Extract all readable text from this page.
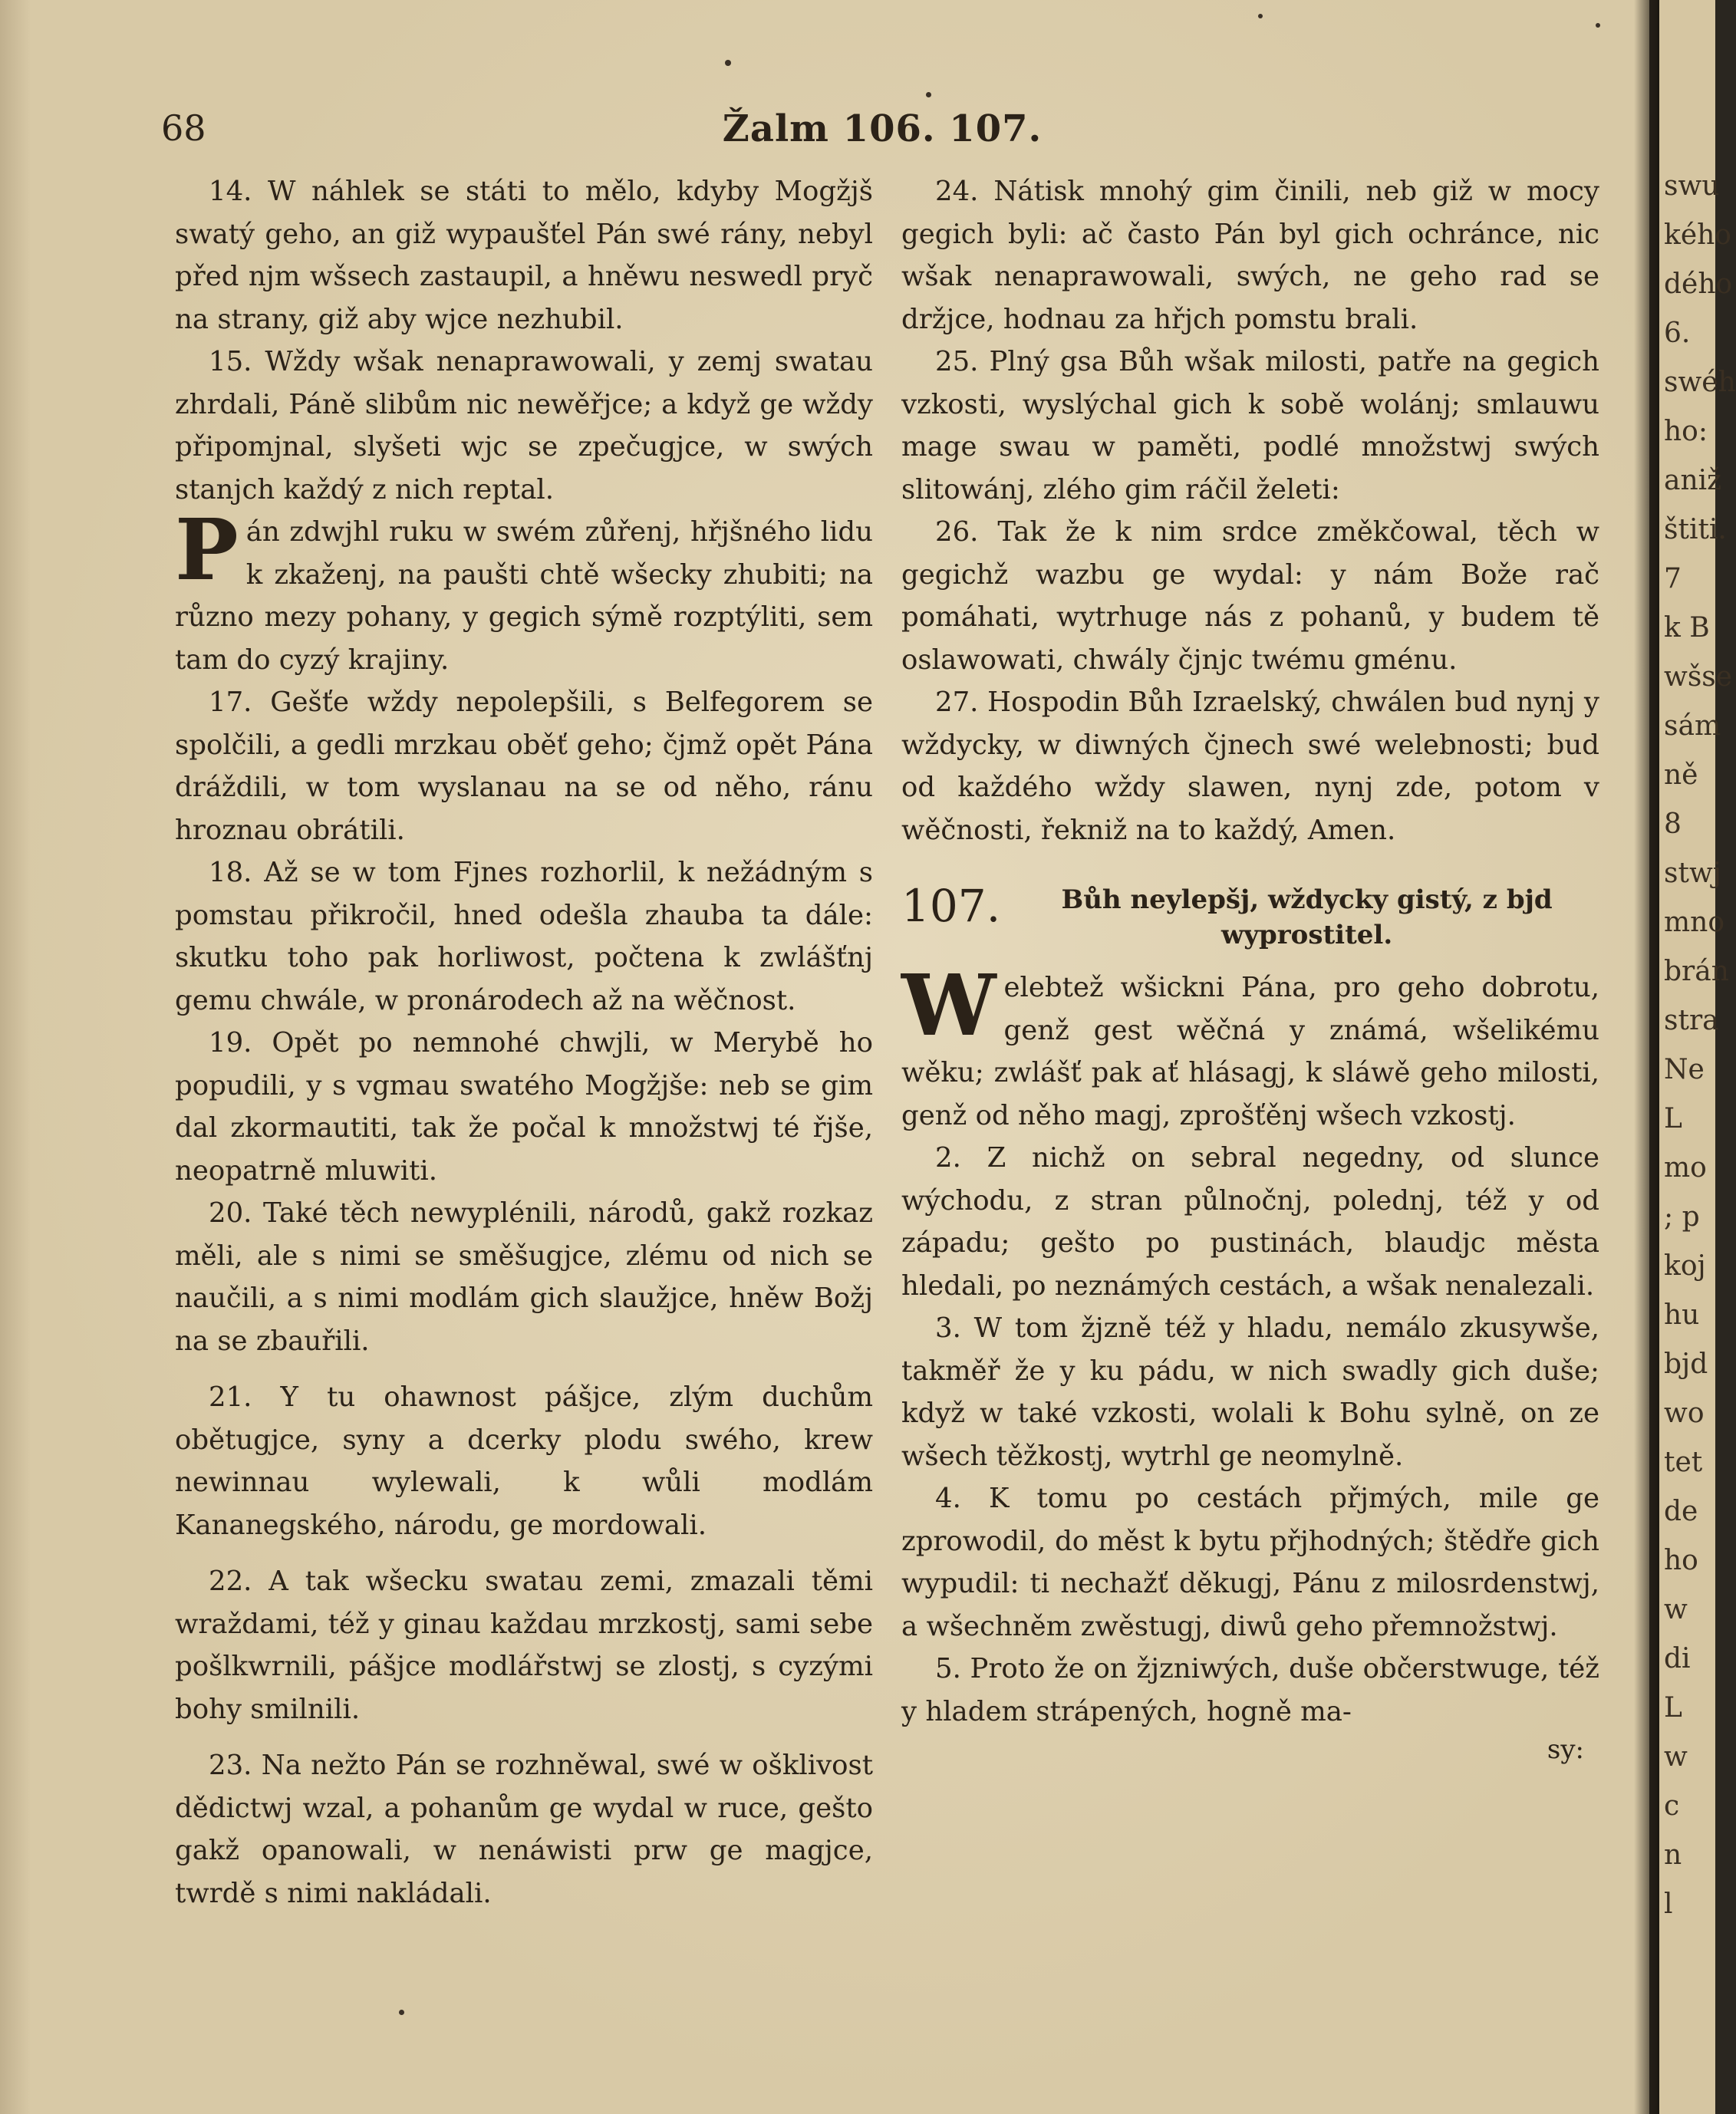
68	Žalm 106. 107.

14. W náhlek se státi to mělo, kdyby Mogžjš swatý geho, an giž wypaušťel Pán swé rány, nebyl před njm wšsech zastaupil, a hněwu neswedl pryč na strany, giž aby wjce nezhubil.

15. Wždy wšak nenaprawowali, y zemj swatau zhrdali, Páně slibům nic newěřjce; a když ge wždy připomjnal, slyšeti wjc se zpečugjce, w swých stanjch každý z nich reptal.

Pán zdwjhl ruku w swém zůřenj, hřjšného lidu k zkaženj, na paušti chtě wšecky zhubiti; na různo mezy pohany, y gegich sýmě rozptýliti, sem tam do cyzý krajiny.

17. Gešťe wždy nepolepšili, s Belfegorem se spolčili, a gedli mrzkau oběť geho; čjmž opět Pána dráždili, w tom wyslanau na se od něho, ránu hroznau obrátili.

18. Až se w tom Fjnes rozhorlil, k nežádným s pomstau přikročil, hned odešla zhauba ta dále: skutku toho pak horliwost, počtena k zwlášťnj gemu chwále, w pronárodech až na wěčnost.

19. Opět po nemnohé chwjli, w Merybě ho popudili, y s vgmau swatého Mogžjše: neb se gim dal zkormautiti, tak že počal k množstwj té řjše, neopatrně mluwiti.

20. Také těch newyplénili, národů, gakž rozkaz měli, ale s nimi se směšugjce, zlému od nich se naučili, a s nimi modlám gich slaužjce, hněw Božj na se zbauřili.

21. Y tu ohawnost pášjce, zlým duchům obětugjce, syny a dcerky plodu swého, krew newinnau wylewali, k wůli modlám Kananegského, národu, ge mordowali.

22. A tak wšecku swatau zemi, zmazali těmi wraždami, též y ginau každau mrzkostj, sami sebe pošlkwrnili, pášjce modlářstwj se zlostj, s cyzými bohy smilnili.

23. Na nežto Pán se rozhněwal, swé w ošklivost dědictwj wzal, a pohanům ge wydal w ruce, gešto gakž opanowali, w nenáwisti prw ge magjce, twrdě s nimi nakládali.

24. Nátisk mnohý gim činili, neb giž w mocy gegich byli: ač často Pán byl gich ochránce, nic wšak nenaprawowali, swých, ne geho rad se držjce, hodnau za hřjch pomstu brali.

25. Plný gsa Bůh wšak milosti, patře na gegich vzkosti, wyslýchal gich k sobě wolánj; smlauwu mage swau w paměti, podlé množstwj swých slitowánj, zlého gim ráčil želeti:

26. Tak že k nim srdce změkčowal, těch w gegichž wazbu ge wydal: y nám Bože rač pomáhati, wytrhuge nás z pohanů, y budem tě oslawowati, chwály čjnjc twému gménu.

27. Hospodin Bůh Izraelský, chwálen bud nynj y wždycky, w diwných čjnech swé welebnosti; bud od každého wždy slawen, nynj zde, potom v wěčnosti, řekniž na to každý, Amen.

107.	Bůh neylepšj, wždycky gistý, z bjd wyprostitel.

Welebtež wšickni Pána, pro geho dobrotu, genž gest wěčná y známá, wšelikému wěku; zwlášť pak ať hlásagj, k sláwě geho milosti, genž od něho magj, zprošťěnj wšech vzkostj.

2. Z nichž on sebral negedny, od slunce wýchodu, z stran půlnočnj, polednj, též y od západu; gešto po pustinách, blaudjc města hledali, po neznámých cestách, a wšak nenalezali.

3. W tom žjzně též y hladu, nemálo zkusywše, takměř že y ku pádu, w nich swadly gich duše; když w také vzkosti, wolali k Bohu sylně, on ze wšech těžkostj, wytrhl ge neomylně.

4. K tomu po cestách přjmých, mile ge zprowodil, do měst k bytu přjhodných; štědře gich wypudil: ti nechažť děkugj, Pánu z milosrdenstwj, a wšechněm zwěstugj, diwů geho přemnožstwj.

5. Proto že on žjzniwých, duše občerstwuge, též y hladem strápených, hogně ma-

sy:
swu
kého
dého
6.
swéh
ho:
aniž
štiti.
7
k B
wšse
sám
ně
8
stwj
mno
brán
stra
Ne
L
mo
; p
koj
hu
bjd
wo
tet
de
ho
w
di
L
w
c
n
l
